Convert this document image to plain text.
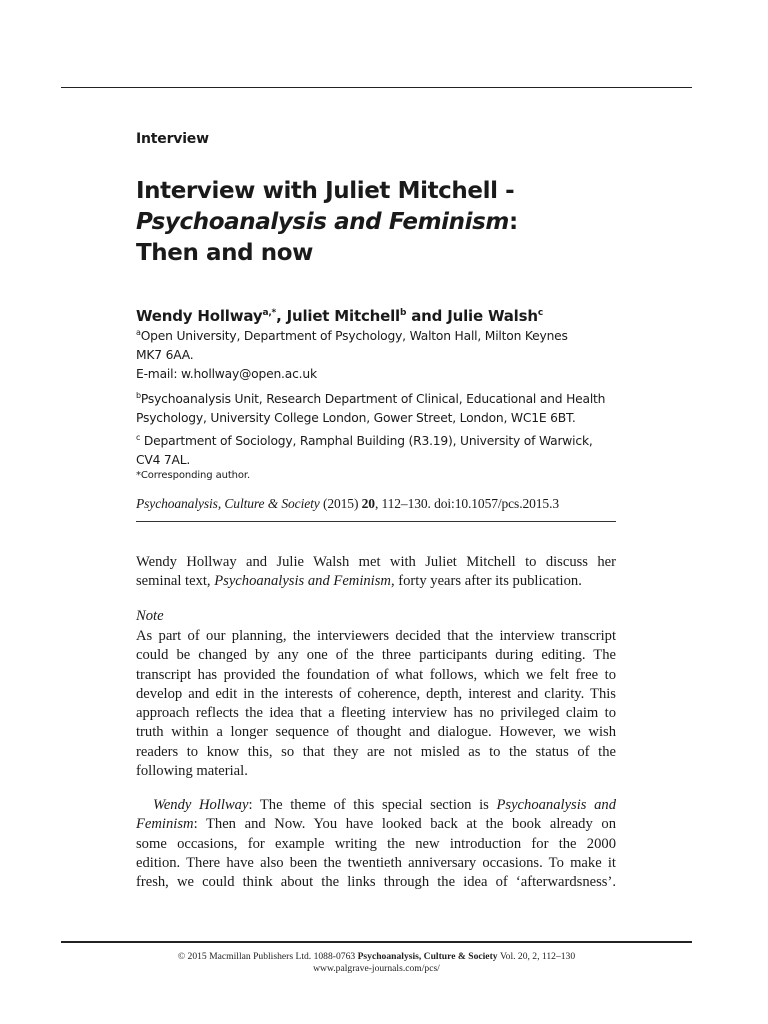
Interview
Interview with Juliet Mitchell -
Psychoanalysis and Feminism:
Then and now
Wendy Hollway$^{a,*}$, Juliet Mitchell$^b$ and Julie Walsh$^c$
$^a$Open University, Department of Psychology, Walton Hall, Milton Keynes
MK7 6AA.
E-mail: w.hollway@open.ac.uk
$^b$Psychoanalysis Unit, Research Department of Clinical, Educational and Health
Psychology, University College London, Gower Street, London, WC1E 6BT.
$^c$ Department of Sociology, Ramphal Building (R3.19), University of Warwick,
CV4 7AL.
*Corresponding author.
Psychoanalysis, Culture & Society (2015) 20, 112–130. doi:10.1057/pcs.2015.3
Wendy Hollway and Julie Walsh met with Juliet Mitchell to discuss her
seminal text, Psychoanalysis and Feminism, forty years after its publication.
Note
As part of our planning, the interviewers decided that the interview transcript
could be changed by any one of the three participants during editing. The
transcript has provided the foundation of what follows, which we felt free to
develop and edit in the interests of coherence, depth, interest and clarity. This
approach reflects the idea that a fleeting interview has no privileged claim to
truth within a longer sequence of thought and dialogue. However, we wish
readers to know this, so that they are not misled as to the status of the
following material.
Wendy Hollway: The theme of this special section is Psychoanalysis and
Feminism: Then and Now. You have looked back at the book already on
some occasions, for example writing the new introduction for the 2000
edition. There have also been the twentieth anniversary occasions. To make it
fresh, we could think about the links through the idea of ‘afterwardsness’.
© 2015 Macmillan Publishers Ltd. 1088-0763 Psychoanalysis, Culture & Society Vol. 20, 2, 112–130
www.palgrave-journals.com/pcs/
